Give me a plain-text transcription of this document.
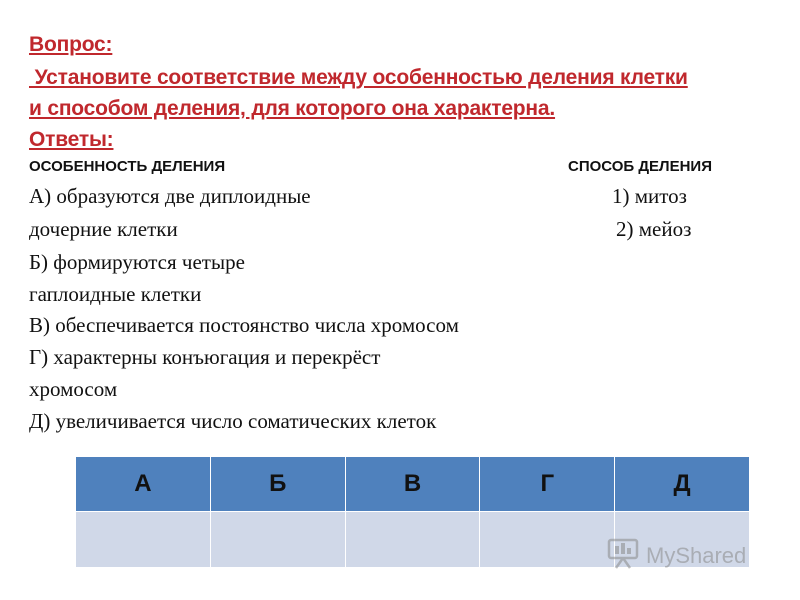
Вопрос:
Установите соответствие между особенностью деления клетки
и способом деления, для которого она характерна.
Ответы:
ОСОБЕННОСТЬ ДЕЛЕНИЯ	СПОСОБ ДЕЛЕНИЯ
А) образуются две диплоидные
дочерние клетки
Б) формируются четыре
гаплоидные клетки
В) обеспечивается постоянство числа хромосом
Г) характерны конъюгация и перекрёст
хромосом
Д) увеличивается число соматических клеток
1) митоз
2) мейоз
А	Б	В	Г	Д

MyShared
